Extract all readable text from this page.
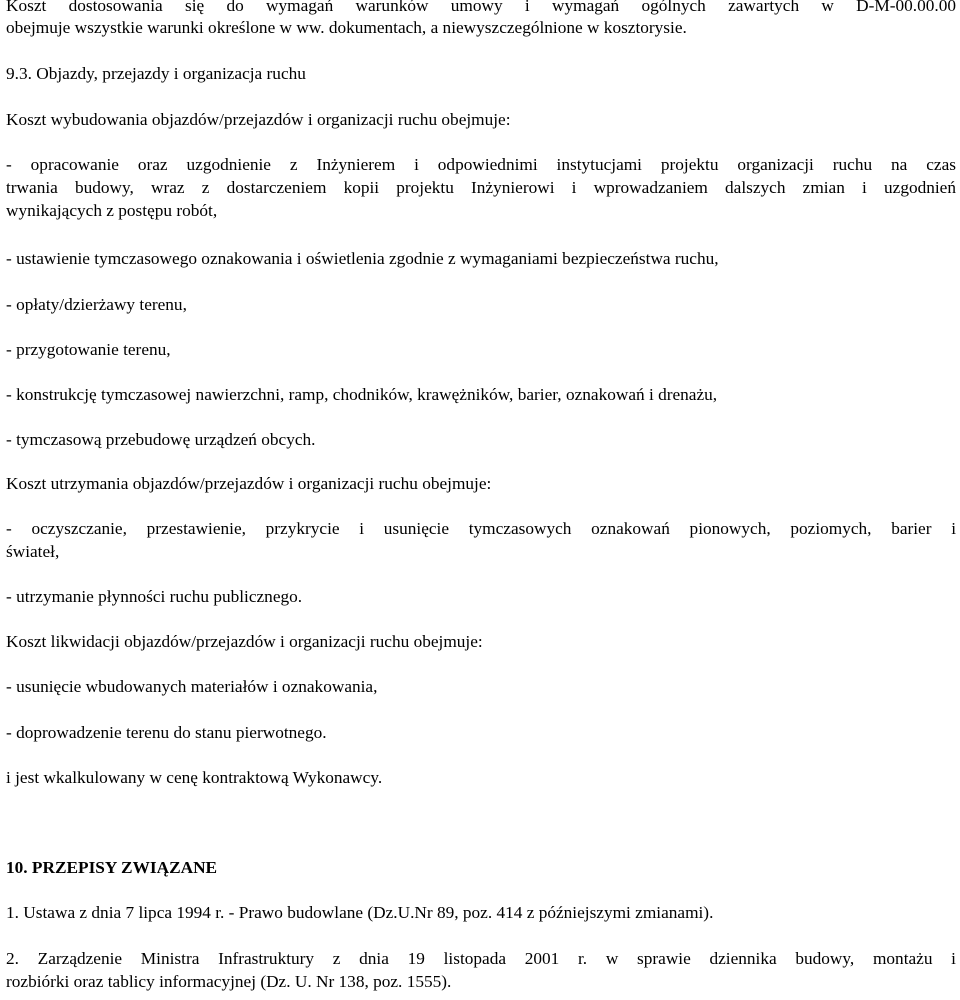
Koszt dostosowania się do wymagań warunków umowy i wymagań ogólnych zawartych w D-M-00.00.00
obejmuje wszystkie warunki określone w ww. dokumentach, a niewyszczególnione w kosztorysie.
9.3. Objazdy, przejazdy i organizacja ruchu
Koszt wybudowania objazdów/przejazdów i organizacji ruchu obejmuje:
- opracowanie oraz uzgodnienie z Inżynierem i odpowiednimi instytucjami projektu organizacji ruchu na czas
trwania budowy, wraz z dostarczeniem kopii projektu Inżynierowi i wprowadzaniem dalszych zmian i uzgodnień
wynikających z postępu robót,
- ustawienie tymczasowego oznakowania i oświetlenia zgodnie z wymaganiami bezpieczeństwa ruchu,
- opłaty/dzierżawy terenu,
- przygotowanie terenu,
- konstrukcję tymczasowej nawierzchni, ramp, chodników, krawężników, barier, oznakowań i drenażu,
- tymczasową przebudowę urządzeń obcych.
Koszt utrzymania objazdów/przejazdów i organizacji ruchu obejmuje:
- oczyszczanie, przestawienie, przykrycie i usunięcie tymczasowych oznakowań pionowych, poziomych, barier i
świateł,
- utrzymanie płynności ruchu publicznego.
Koszt likwidacji objazdów/przejazdów i organizacji ruchu obejmuje:
- usunięcie wbudowanych materiałów i oznakowania,
- doprowadzenie terenu do stanu pierwotnego.
i jest wkalkulowany w cenę kontraktową Wykonawcy.
10. PRZEPISY ZWIĄZANE
1. Ustawa z dnia 7 lipca 1994 r. - Prawo budowlane (Dz.U.Nr 89, poz. 414 z późniejszymi zmianami).
2. Zarządzenie Ministra Infrastruktury z dnia 19 listopada 2001 r. w sprawie dziennika budowy, montażu i
rozbiórki oraz tablicy informacyjnej (Dz. U. Nr 138, poz. 1555).
